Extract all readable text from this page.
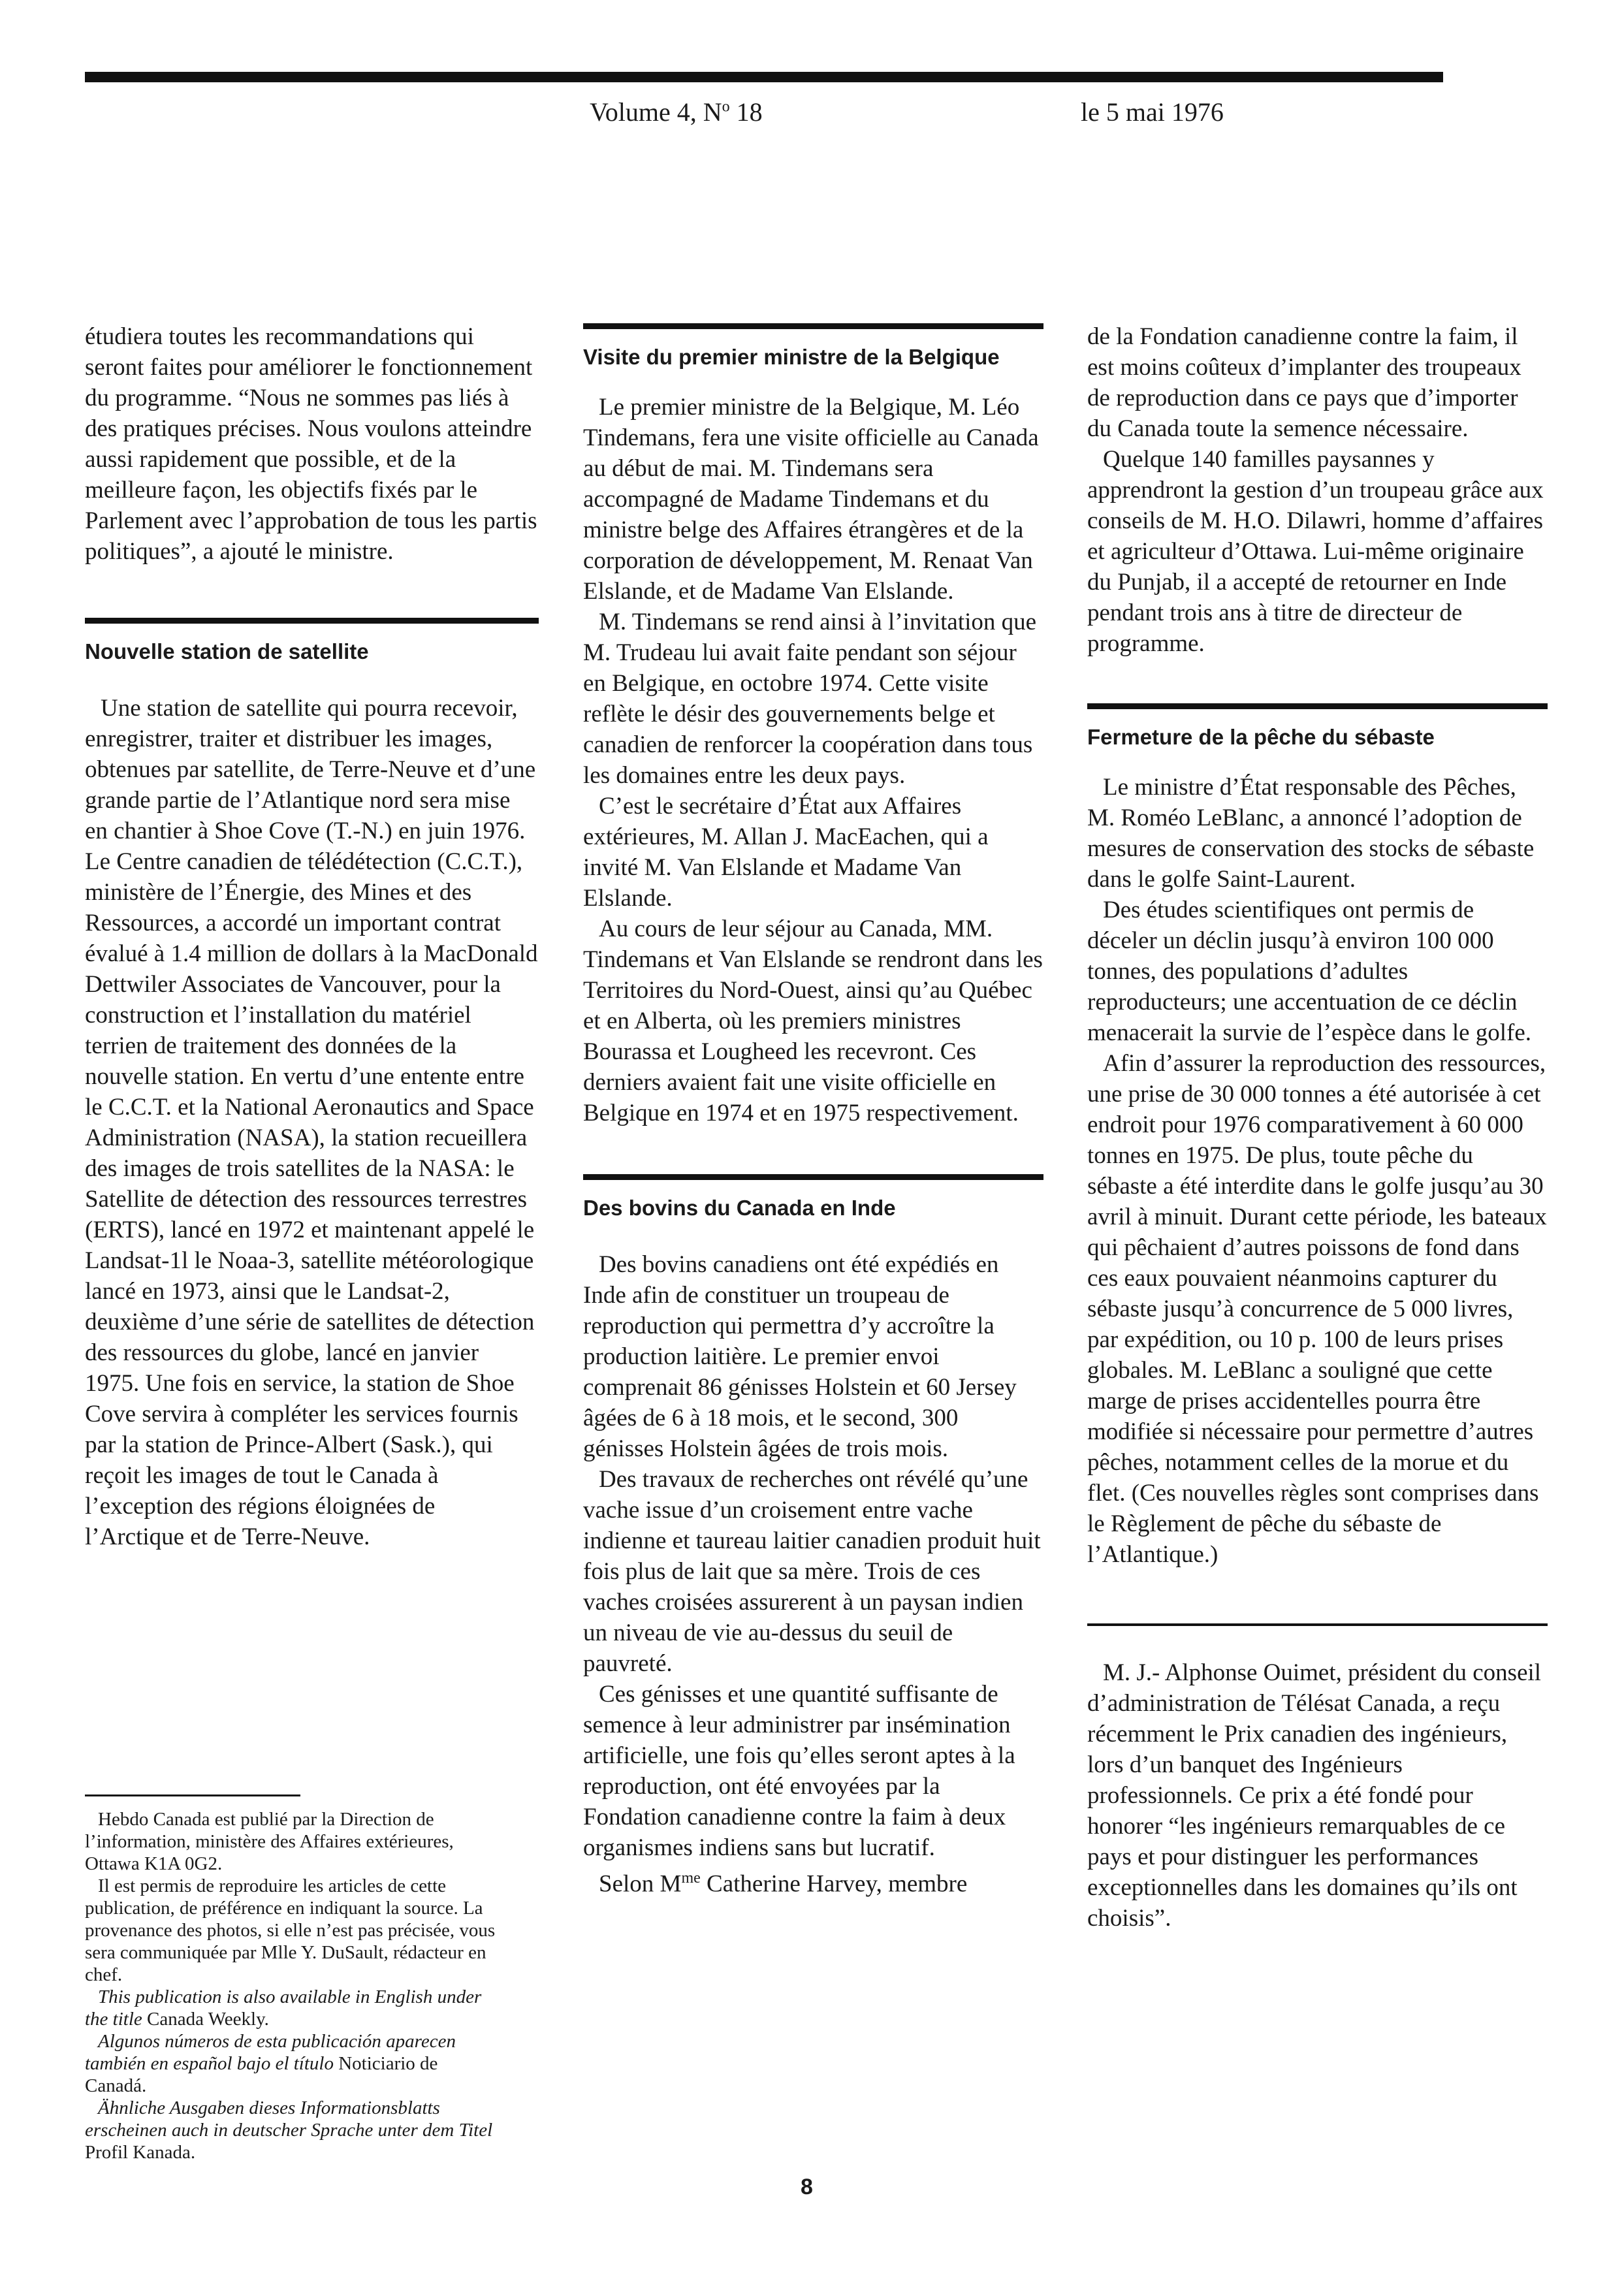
Volume 4, $N^o$ 18	le 5 mai 1976

étudiera toutes les recommandations qui seront faites pour améliorer le fonctionnement du programme. “Nous ne sommes pas liés à des pratiques précises. Nous voulons atteindre aussi rapidement que possible, et de la meilleure façon, les objectifs fixés par le Parlement avec l’approbation de tous les partis politiques”, a ajouté le ministre.

Nouvelle station de satellite

Une station de satellite qui pourra recevoir, enregistrer, traiter et distribuer les images, obtenues par satellite, de Terre-Neuve et d’une grande partie de l’Atlantique nord sera mise en chantier à Shoe Cove (T.-N.) en juin 1976. Le Centre canadien de télédétection (C.C.T.), ministère de l’Énergie, des Mines et des Ressources, a accordé un important contrat évalué à 1.4 million de dollars à la MacDonald Dettwiler Associates de Vancouver, pour la construction et l’installation du matériel terrien de traitement des données de la nouvelle station. En vertu d’une entente entre le C.C.T. et la National Aeronautics and Space Administration (NASA), la station recueillera des images de trois satellites de la NASA: le Satellite de détection des ressources terrestres (ERTS), lancé en 1972 et maintenant appelé le Landsat-1l le Noaa-3, satellite météorologique lancé en 1973, ainsi que le Landsat-2, deuxième d’une série de satellites de détection des ressources du globe, lancé en janvier 1975. Une fois en service, la station de Shoe Cove servira à compléter les services fournis par la station de Prince-Albert (Sask.), qui reçoit les images de tout le Canada à l’exception des régions éloignées de l’Arctique et de Terre-Neuve.

Hebdo Canada est publié par la Direction de l’information, ministère des Affaires extérieures, Ottawa K1A 0G2.

Il est permis de reproduire les articles de cette publication, de préférence en indiquant la source. La provenance des photos, si elle n’est pas précisée, vous sera communiquée par Mlle Y. DuSault, rédacteur en chef.

This publication is also available in English under the title Canada Weekly.

Algunos números de esta publicación aparecen también en español bajo el título Noticiario de Canadá.

Ähnliche Ausgaben dieses Informationsblatts erscheinen auch in deutscher Sprache unter dem Titel Profil Kanada.

Visite du premier ministre de la Belgique

Le premier ministre de la Belgique, M. Léo Tindemans, fera une visite officielle au Canada au début de mai. M. Tindemans sera accompagné de Madame Tindemans et du ministre belge des Affaires étrangères et de la corporation de développement, M. Renaat Van Elslande, et de Madame Van Elslande.

M. Tindemans se rend ainsi à l’invitation que M. Trudeau lui avait faite pendant son séjour en Belgique, en octobre 1974. Cette visite reflète le désir des gouvernements belge et canadien de renforcer la coopération dans tous les domaines entre les deux pays.

C’est le secrétaire d’État aux Affaires extérieures, M. Allan J. MacEachen, qui a invité M. Van Elslande et Madame Van Elslande.

Au cours de leur séjour au Canada, MM. Tindemans et Van Elslande se rendront dans les Territoires du Nord-Ouest, ainsi qu’au Québec et en Alberta, où les premiers ministres Bourassa et Lougheed les recevront. Ces derniers avaient fait une visite officielle en Belgique en 1974 et en 1975 respectivement.

Des bovins du Canada en Inde

Des bovins canadiens ont été expédiés en Inde afin de constituer un troupeau de reproduction qui permettra d’y accroître la production laitière. Le premier envoi comprenait 86 génisses Holstein et 60 Jersey âgées de 6 à 18 mois, et le second, 300 génisses Holstein âgées de trois mois.

Des travaux de recherches ont révélé qu’une vache issue d’un croisement entre vache indienne et taureau laitier canadien produit huit fois plus de lait que sa mère. Trois de ces vaches croisées assurerent à un paysan indien un niveau de vie au-dessus du seuil de pauvreté.

Ces génisses et une quantité suffisante de semence à leur administrer par insémination artificielle, une fois qu’elles seront aptes à la reproduction, ont été envoyées par la Fondation canadienne contre la faim à deux organismes indiens sans but lucratif.

Selon $M^{me}$ Catherine Harvey, membre

de la Fondation canadienne contre la faim, il est moins coûteux d’implanter des troupeaux de reproduction dans ce pays que d’importer du Canada toute la semence nécessaire.

Quelque 140 familles paysannes y apprendront la gestion d’un troupeau grâce aux conseils de M. H.O. Dilawri, homme d’affaires et agriculteur d’Ottawa. Lui-même originaire du Punjab, il a accepté de retourner en Inde pendant trois ans à titre de directeur de programme.

Fermeture de la pêche du sébaste

Le ministre d’État responsable des Pêches, M. Roméo LeBlanc, a annoncé l’adoption de mesures de conservation des stocks de sébaste dans le golfe Saint-Laurent.

Des études scientifiques ont permis de déceler un déclin jusqu’à environ 100 000 tonnes, des populations d’adultes reproducteurs; une accentuation de ce déclin menacerait la survie de l’espèce dans le golfe.

Afin d’assurer la reproduction des ressources, une prise de 30 000 tonnes a été autorisée à cet endroit pour 1976 comparativement à 60 000 tonnes en 1975. De plus, toute pêche du sébaste a été interdite dans le golfe jusqu’au 30 avril à minuit. Durant cette période, les bateaux qui pêchaient d’autres poissons de fond dans ces eaux pouvaient néanmoins capturer du sébaste jusqu’à concurrence de 5 000 livres, par expédition, ou 10 p. 100 de leurs prises globales. M. LeBlanc a souligné que cette marge de prises accidentelles pourra être modifiée si nécessaire pour permettre d’autres pêches, notamment celles de la morue et du flet. (Ces nouvelles règles sont comprises dans le Règlement de pêche du sébaste de l’Atlantique.)

M. J.- Alphonse Ouimet, président du conseil d’administration de Télésat Canada, a reçu récemment le Prix canadien des ingénieurs, lors d’un banquet des Ingénieurs professionnels. Ce prix a été fondé pour honorer “les ingénieurs remarquables de ce pays et pour distinguer les performances exceptionnelles dans les domaines qu’ils ont choisis”.

8
